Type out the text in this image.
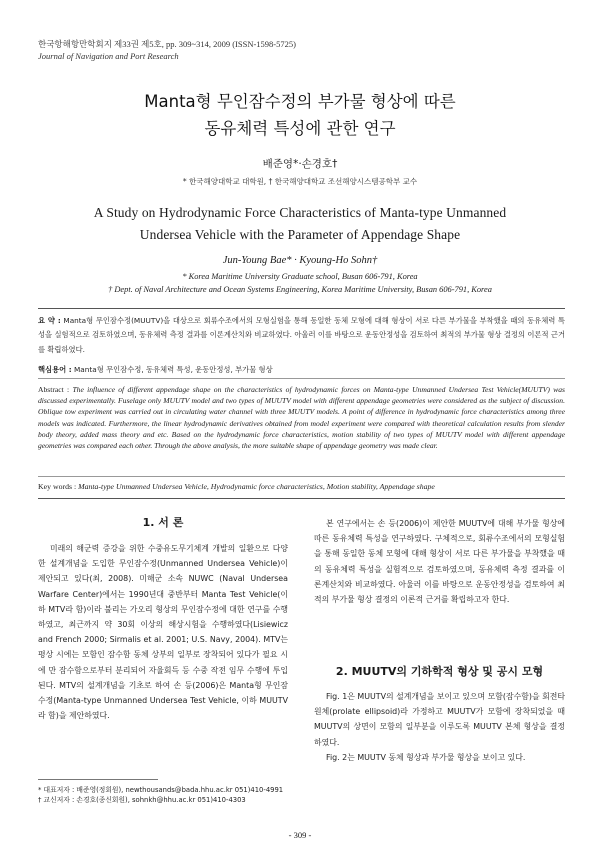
한국항해항만학회지 제33권 제5호, pp. 309~314, 2009 (ISSN-1598-5725)
Journal of Navigation and Port Research
Manta형 무인잠수정의 부가물 형상에 따른
동유체력 특성에 관한 연구
배준영*·손경호†
* 한국해양대학교 대학원, † 한국해양대학교 조선해양시스템공학부 교수
A Study on Hydrodynamic Force Characteristics of Manta-type Unmanned
Undersea Vehicle with the Parameter of Appendage Shape
Jun-Young Bae* · Kyoung-Ho Sohn†
* Korea Maritime University Graduate school, Busan 606-791, Korea
† Dept. of Naval Architecture and Ocean Systems Engineering, Korea Maritime University, Busan 606-791, Korea
요 약 : Manta형 무인잠수정(MUUTV)을 대상으로 회류수조에서의 모형실험을 통해 동일한 동체 모형에 대해 형상이 서로 다른 부가물을 부착했을 때의 동유체력 특성을 실험적으로 검토하였으며, 동유체력 측정 결과를 이론계산치와 비교하였다. 아울러 이를 바탕으로 운동안정성을 검토하여 최적의 부가물 형상 결정의 이론적 근거를 확립하였다.
핵심용어 : Manta형 무인잠수정, 동유체력 특성, 운동안정성, 부가물 형상
Abstract : The influence of different appendage shape on the characteristics of hydrodynamic forces on Manta-type Unmanned Undersea Test Vehicle(MUUTV) was discussed experimentally. Fuselage only MUUTV model and two types of MUUTV model with different appendage geometries were considered as the subject of discussion. Oblique tow experiment was carried out in circulating water channel with three MUUTV models. A point of difference in hydrodynamic force characteristics among three models was indicated. Furthermore, the linear hydrodynamic derivatives obtained from model experiment were compared with theoretical calculation results from slender body theory, added mass theory and etc. Based on the hydrodynamic force characteristics, motion stability of two types of MUUTV model with different appendage geometries was compared each other. Through the above analysis, the more suitable shape of appendage geometry was made clear.
Key words : Manta-type Unmanned Undersea Vehicle, Hydrodynamic force characteristics, Motion stability, Appendage shape
1. 서 론

미래의 해군력 증강을 위한 수중유도무기체계 개발의 일환으로 다양한 설계개념을 도입한 무인잠수정(Unmanned Undersea Vehicle)이 제안되고 있다(최, 2008). 미해군 소속 NUWC (Naval Undersea Warfare Center)에서는 1990년대 중반부터 Manta Test Vehicle(이하 MTV라 함)이라 불리는 가오리 형상의 무인잠수정에 대한 연구를 수행하였고, 최근까지 약 30회 이상의 해상시험을 수행하였다(Lisiewicz and French 2000; Sirmalis et al. 2001; U.S. Navy, 2004). MTV는 평상 시에는 모함인 잠수함 동체 상부의 일부로 장착되어 있다가 필요 시에 만 잠수함으로부터 분리되어 자율회득 등 수중 작전 임무 수행에 투입된다. MTV의 설계개념을 기초로 하여 손 등(2006)은 Manta형 무인잠수정(Manta-type Unmanned Undersea Test Vehicle, 이하 MUUTV라 함)을 제안하였다.

본 연구에서는 손 등(2006)이 제안한 MUUTV에 대해 부가물 형상에 따른 동유체력 특성을 연구하였다. 구체적으로, 회류수조에서의 모형실험을 통해 동일한 동체 모형에 대해 형상이 서로 다른 부가물을 부착했을 때의 동유체력 특성을 실험적으로 검토하였으며, 동유체력 측정 결과를 이론계산치와 비교하였다. 아울러 이를 바탕으로 운동안정성을 검토하여 최적의 부가물 형상 결정의 이론적 근거를 확립하고자 한다.

2. MUUTV의 기하학적 형상 및 공시 모형

Fig. 1은 MUUTV의 설계개념을 보이고 있으며 모함(잠수함)을 회전타원체(prolate ellipsoid)라 가정하고 MUUTV가 모함에 장착되었을 때 MUUTV의 상면이 모함의 일부분을 이루도록 MUUTV 본체 형상을 결정하였다.

Fig. 2는 MUUTV 동체 형상과 부가물 형상을 보이고 있다.

* 대표저자 : 배준영(정회원), newthousands@bada.hhu.ac.kr 051)410-4991
† 교신저자 : 손경호(종신회원), sohnkh@hhu.ac.kr 051)410-4303
- 309 -
